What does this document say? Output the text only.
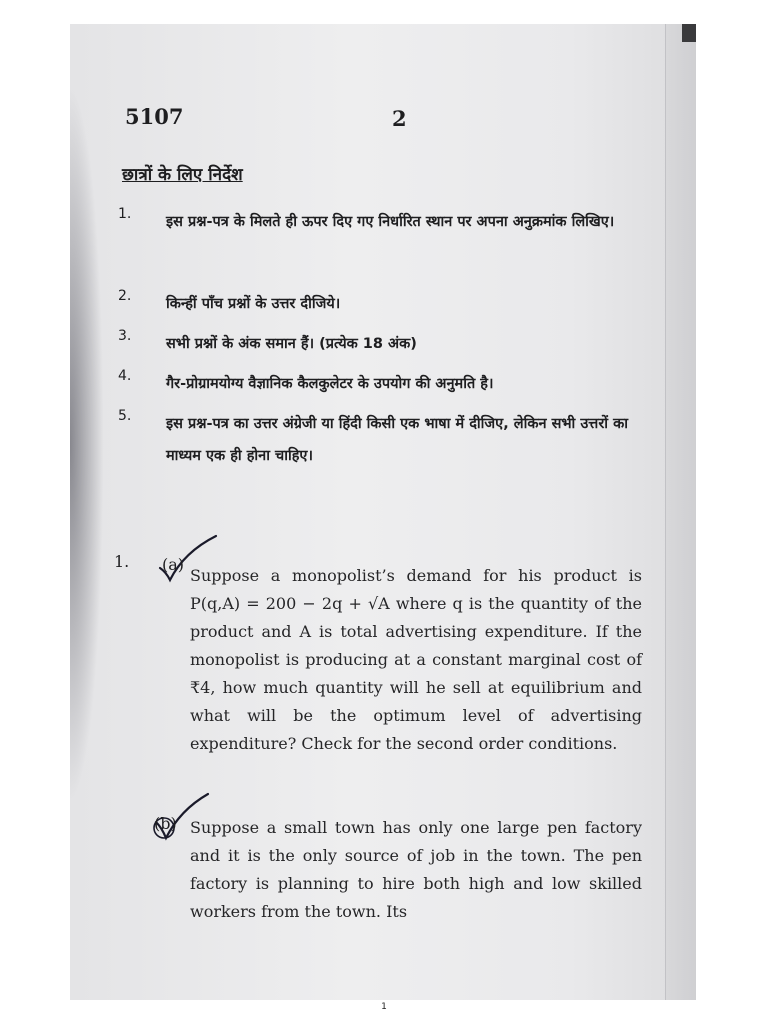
5107	2
छात्रों के लिए निर्देश
1. इस प्रश्न-पत्र के मिलते ही ऊपर दिए गए निर्धारित स्थान पर अपना अनुक्रमांक लिखिए।
2. किन्हीं पाँच प्रश्नों के उत्तर दीजिये।
3. सभी प्रश्नों के अंक समान हैं। (प्रत्येक 18 अंक)
4. गैर-प्रोग्रामयोग्य वैज्ञानिक कैलकुलेटर के उपयोग की अनुमति है।
5. इस प्रश्न-पत्र का उत्तर अंग्रेजी या हिंदी किसी एक भाषा में दीजिए, लेकिन सभी उत्तरों का माध्यम एक ही होना चाहिए।
1. (a)
Suppose a monopolist’s demand for his product is P(q,A) = 200 − 2q + √A where q is the quantity of the product and A is total advertising expenditure. If the monopolist is producing at a constant marginal cost of ₹4, how much quantity will he sell at equilibrium and what will be the optimum level of advertising expenditure? Check for the second order conditions.
(b) Suppose a small town has only one large pen factory and it is the only source of job in the town. The pen factory is planning to hire both high and low skilled workers from the town. Its
1
